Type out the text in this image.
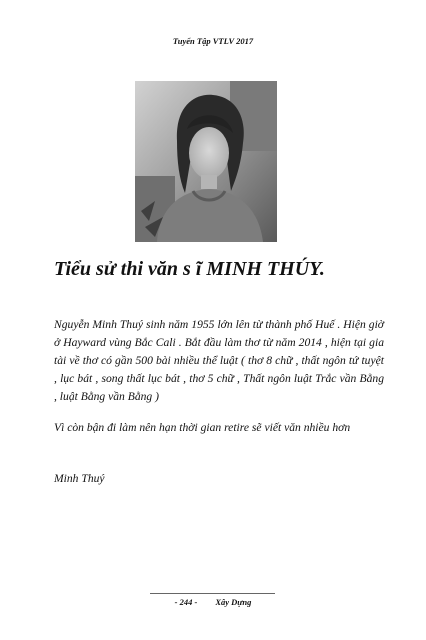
Tuyển Tập VTLV 2017
Tiểu sử thi văn s ĩ MINH THÚY.
Nguyễn Minh Thuý sinh năm 1955 lớn lên từ thành phố Huế . Hiện giờ ở Hayward vùng Bắc Cali . Bắt đầu làm thơ từ năm 2014 , hiện tại gia tài về thơ có gần 500 bài nhiều thể luật ( thơ 8 chữ , thất ngôn tứ tuyệt , lục bát , song thất lục bát , thơ 5 chữ , Thất ngôn luật Trắc vần Bằng , luật Bằng vần Bằng )
Vì còn bận đi làm nên hạn thời gian retire sẽ viết văn nhiều hơn
Minh Thuý
- 244 - Xây Dựng
